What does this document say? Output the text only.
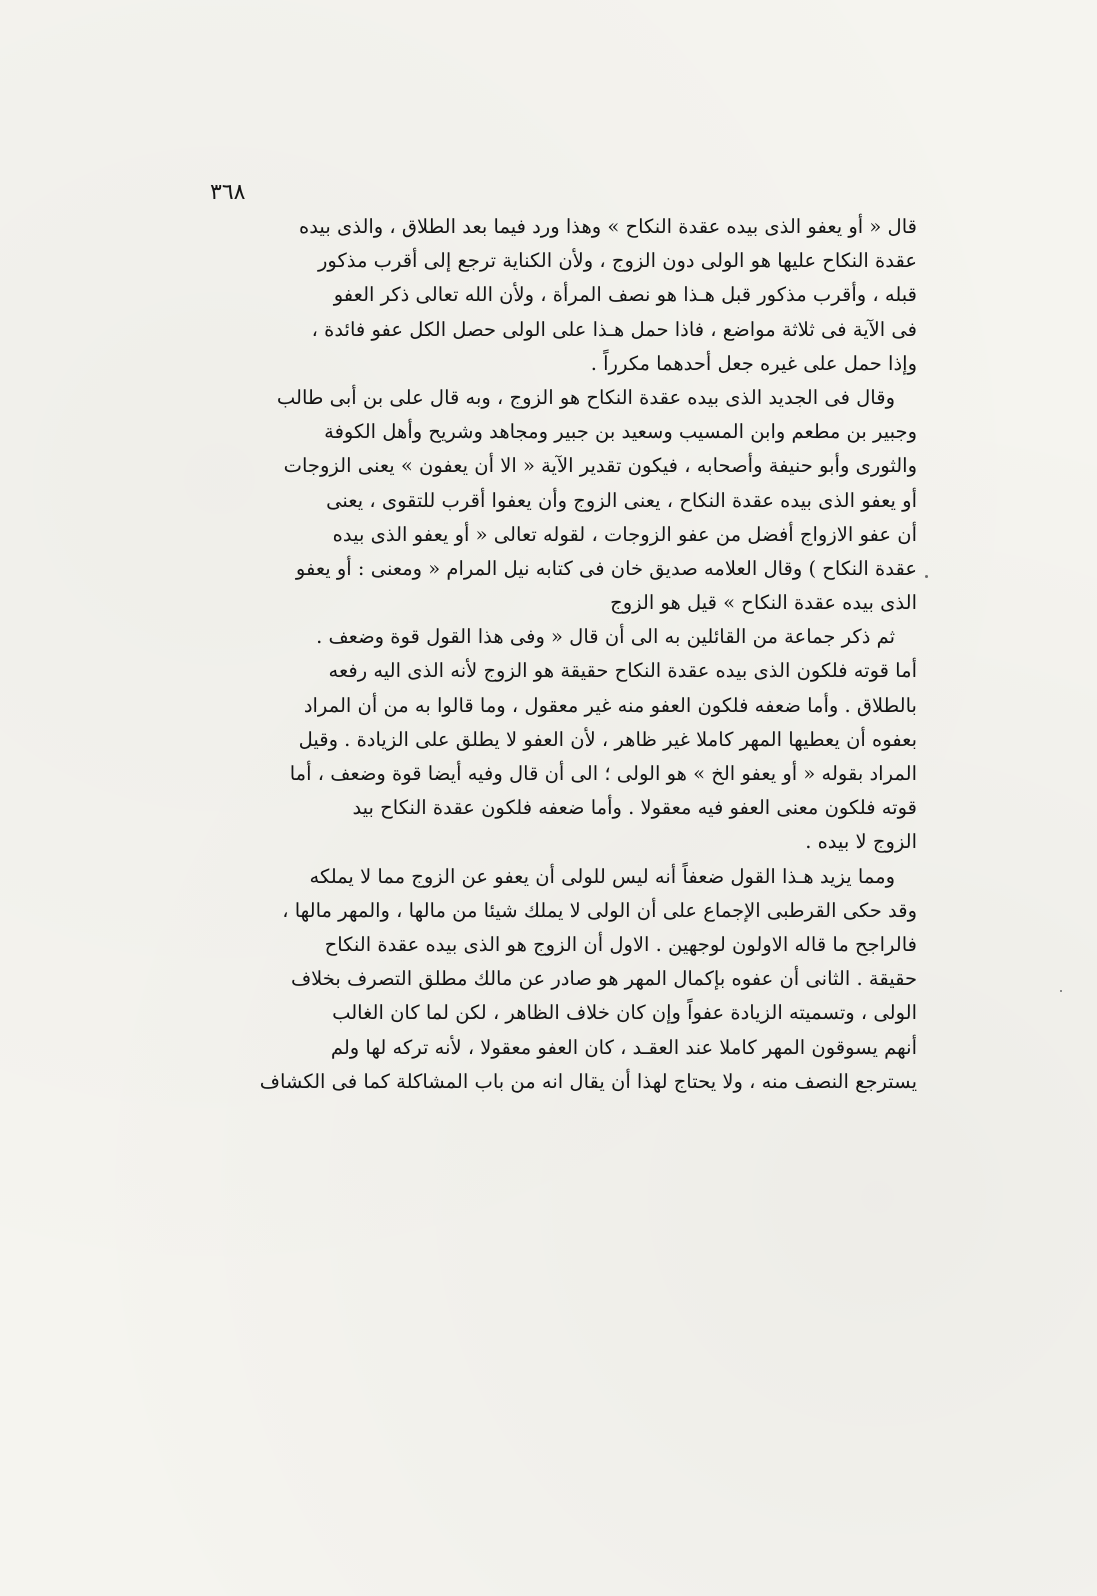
٣٦٨
قال « أو يعفو الذى بيده عقدة النكاح » وهذا ورد فيما بعد الطلاق ، والذى بيده
عقدة النكاح عليها هو الولى دون الزوج ، ولأن الكناية ترجع إلى أقرب مذكور
قبله ، وأقرب مذكور قبل هـذا هو نصف المرأة ، ولأن الله تعالى ذكر العفو
فى الآية فى ثلاثة مواضع ، فاذا حمل هـذا على الولى حصل الكل عفو فائدة ،
وإذا حمل على غيره جعل أحدهما مكرراً .
وقال فى الجديد الذى بيده عقدة النكاح هو الزوج ، وبه قال على بن أبى طالب
وجبير بن مطعم وابن المسيب وسعيد بن جبير ومجاهد وشريح وأهل الكوفة
والثورى وأبو حنيفة وأصحابه ، فيكون تقدير الآية « الا أن يعفون » يعنى الزوجات
أو يعفو الذى بيده عقدة النكاح ، يعنى الزوج وأن يعفوا أقرب للتقوى ، يعنى
أن عفو الازواج أفضل من عفو الزوجات ، لقوله تعالى « أو يعفو الذى بيده
عقدة النكاح ) وقال العلامه صديق خان فى كتابه نيل المرام « ومعنى : أو يعفو
الذى بيده عقدة النكاح » قيل هو الزوج
ثم ذكر جماعة من القائلين به الى أن قال « وفى هذا القول قوة وضعف .
أما قوته فلكون الذى بيده عقدة النكاح حقيقة هو الزوج لأنه الذى اليه رفعه
بالطلاق . وأما ضعفه فلكون العفو منه غير معقول ، وما قالوا به من أن المراد
بعفوه أن يعطيها المهر كاملا غير ظاهر ، لأن العفو لا يطلق على الزيادة . وقيل
المراد بقوله « أو يعفو الخ » هو الولى ؛ الى أن قال وفيه أيضا قوة وضعف ، أما
قوته فلكون معنى العفو فيه معقولا . وأما ضعفه فلكون عقدة النكاح بيد
الزوج لا بيده .
ومما يزيد هـذا القول ضعفاً أنه ليس للولى أن يعفو عن الزوج مما لا يملكه
وقد حكى القرطبى الإجماع على أن الولى لا يملك شيئا من مالها ، والمهر مالها ،
فالراجح ما قاله الاولون لوجهين . الاول أن الزوج هو الذى بيده عقدة النكاح
حقيقة . الثانى أن عفوه بإكمال المهر هو صادر عن مالك مطلق التصرف بخلاف
الولى ، وتسميته الزيادة عفواً وإن كان خلاف الظاهر ، لكن لما كان الغالب
أنهم يسوقون المهر كاملا عند العقـد ، كان العفو معقولا ، لأنه تركه لها ولم
يسترجع النصف منه ، ولا يحتاج لهذا أن يقال انه من باب المشاكلة كما فى الكشاف
